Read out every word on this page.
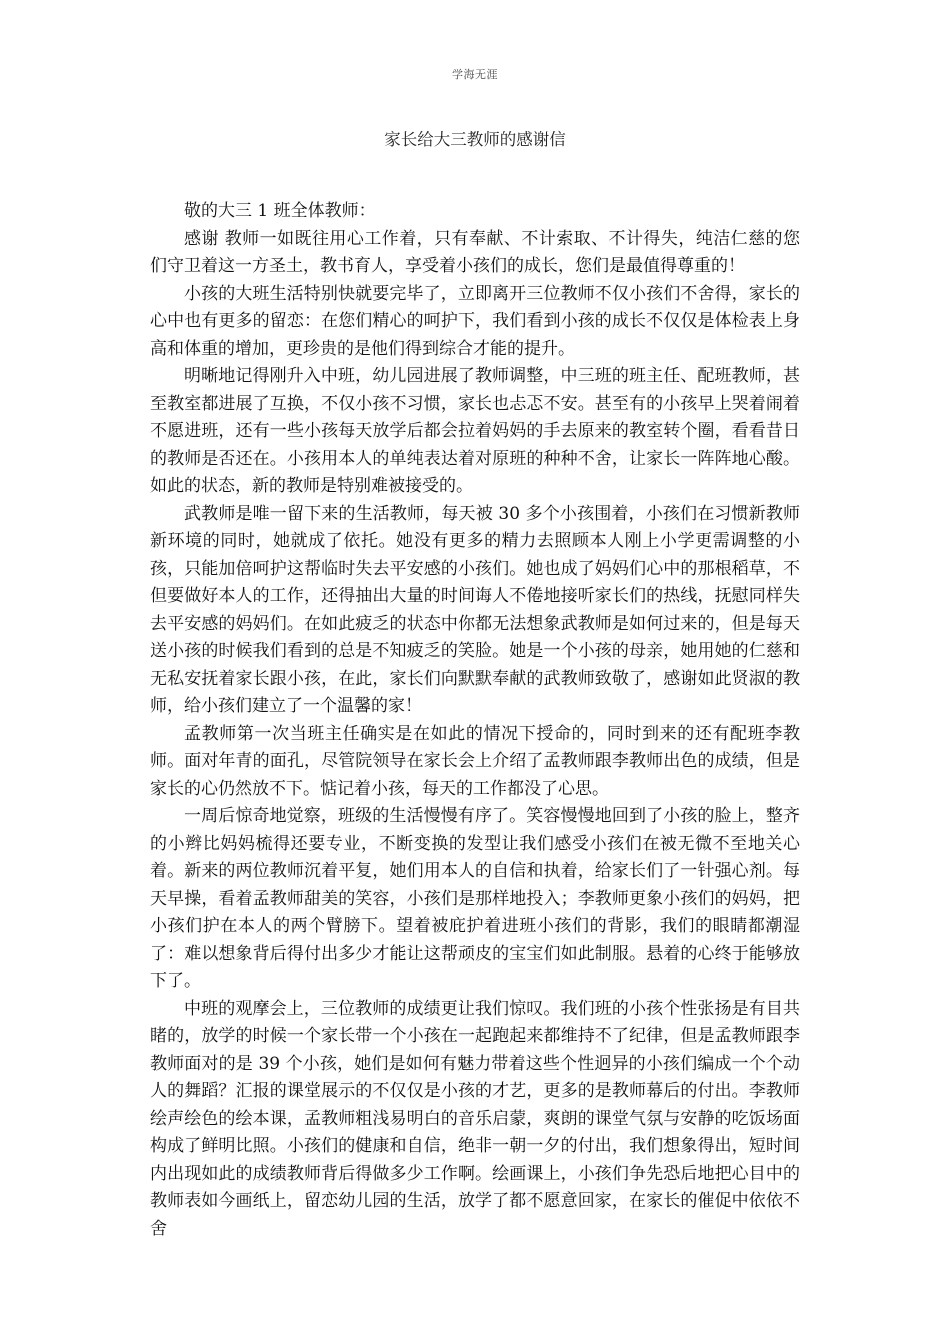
学海无涯
家长给大三教师的感谢信

敬的大三 1 班全体教师：

感谢 教师一如既往用心工作着，只有奉献、不计索取、不计得失，纯洁仁慈的您们守卫着这一方圣土，教书育人，享受着小孩们的成长，您们是最值得尊重的！

小孩的大班生活特别快就要完毕了，立即离开三位教师不仅小孩们不舍得，家长的心中也有更多的留恋：在您们精心的呵护下，我们看到小孩的成长不仅仅是体检表上身高和体重的增加，更珍贵的是他们得到综合才能的提升。

明晰地记得刚升入中班，幼儿园进展了教师调整，中三班的班主任、配班教师，甚至教室都进展了互换，不仅小孩不习惯，家长也忐忑不安。甚至有的小孩早上哭着闹着不愿进班，还有一些小孩每天放学后都会拉着妈妈的手去原来的教室转个圈，看看昔日的教师是否还在。小孩用本人的单纯表达着对原班的种种不舍，让家长一阵阵地心酸。如此的状态，新的教师是特别难被接受的。

武教师是唯一留下来的生活教师，每天被 30 多个小孩围着，小孩们在习惯新教师新环境的同时，她就成了依托。她没有更多的精力去照顾本人刚上小学更需调整的小孩，只能加倍呵护这帮临时失去平安感的小孩们。她也成了妈妈们心中的那根稻草，不但要做好本人的工作，还得抽出大量的时间诲人不倦地接听家长们的热线，抚慰同样失去平安感的妈妈们。在如此疲乏的状态中你都无法想象武教师是如何过来的，但是每天送小孩的时候我们看到的总是不知疲乏的笑脸。她是一个小孩的母亲，她用她的仁慈和无私安抚着家长跟小孩，在此，家长们向默默奉献的武教师致敬了，感谢如此贤淑的教师，给小孩们建立了一个温馨的家！

孟教师第一次当班主任确实是在如此的情况下授命的，同时到来的还有配班李教师。面对年青的面孔，尽管院领导在家长会上介绍了孟教师跟李教师出色的成绩，但是家长的心仍然放不下。惦记着小孩，每天的工作都没了心思。

一周后惊奇地觉察，班级的生活慢慢有序了。笑容慢慢地回到了小孩的脸上，整齐的小辫比妈妈梳得还要专业，不断变换的发型让我们感受小孩们在被无微不至地关心着。新来的两位教师沉着平复，她们用本人的自信和执着，给家长们了一针强心剂。每天早操，看着孟教师甜美的笑容，小孩们是那样地投入；李教师更象小孩们的妈妈，把小孩们护在本人的两个臂膀下。望着被庇护着进班小孩们的背影，我们的眼睛都潮湿了：难以想象背后得付出多少才能让这帮顽皮的宝宝们如此制服。悬着的心终于能够放下了。

中班的观摩会上，三位教师的成绩更让我们惊叹。我们班的小孩个性张扬是有目共睹的，放学的时候一个家长带一个小孩在一起跑起来都维持不了纪律，但是孟教师跟李教师面对的是 39 个小孩，她们是如何有魅力带着这些个性迥异的小孩们编成一个个动人的舞蹈？汇报的课堂展示的不仅仅是小孩的才艺，更多的是教师幕后的付出。李教师绘声绘色的绘本课，孟教师粗浅易明白的音乐启蒙，爽朗的课堂气氛与安静的吃饭场面构成了鲜明比照。小孩们的健康和自信，绝非一朝一夕的付出，我们想象得出，短时间内出现如此的成绩教师背后得做多少工作啊。绘画课上，小孩们争先恐后地把心目中的教师表如今画纸上，留恋幼儿园的生活，放学了都不愿意回家，在家长的催促中依依不舍
